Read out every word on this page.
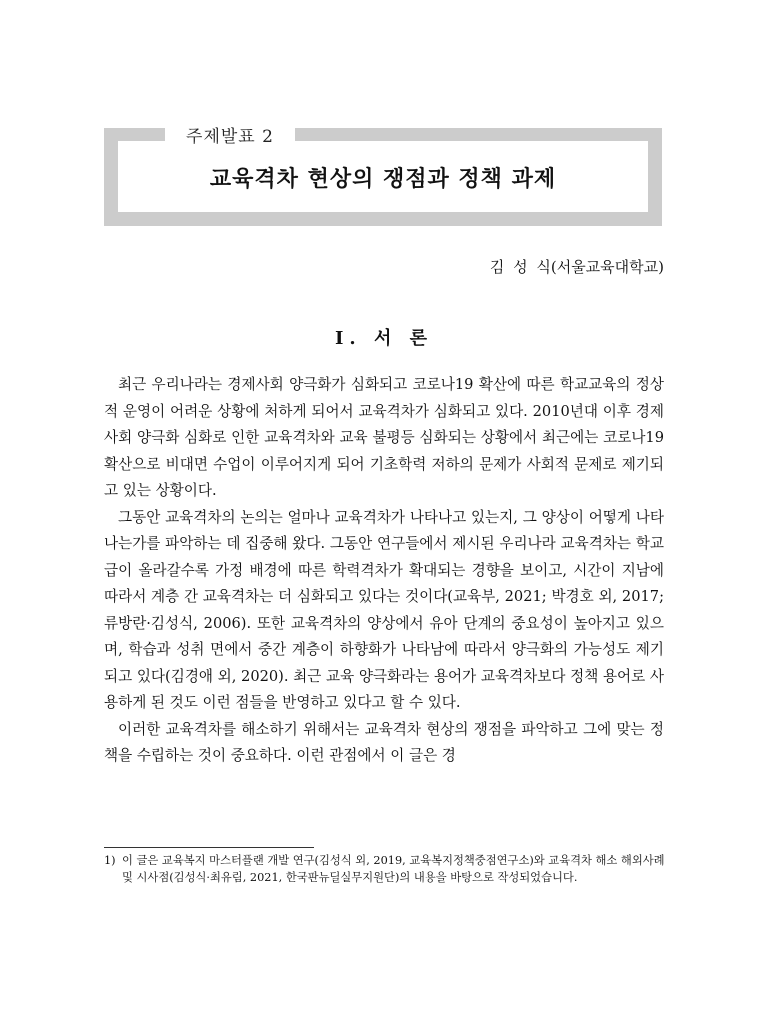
주제발표 2
교육격차 현상의 쟁점과 정책 과제
김 성 식(서울교육대학교)
Ⅰ. 서 론

최근 우리나라는 경제사회 양극화가 심화되고 코로나19 확산에 따른 학교교육의 정상적 운영이 어려운 상황에 처하게 되어서 교육격차가 심화되고 있다. 2010년대 이후 경제사회 양극화 심화로 인한 교육격차와 교육 불평등 심화되는 상황에서 최근에는 코로나19 확산으로 비대면 수업이 이루어지게 되어 기초학력 저하의 문제가 사회적 문제로 제기되고 있는 상황이다.

그동안 교육격차의 논의는 얼마나 교육격차가 나타나고 있는지, 그 양상이 어떻게 나타나는가를 파악하는 데 집중해 왔다. 그동안 연구들에서 제시된 우리나라 교육격차는 학교급이 올라갈수록 가정 배경에 따른 학력격차가 확대되는 경향을 보이고, 시간이 지남에 따라서 계층 간 교육격차는 더 심화되고 있다는 것이다(교육부, 2021; 박경호 외, 2017; 류방란·김성식, 2006). 또한 교육격차의 양상에서 유아 단계의 중요성이 높아지고 있으며, 학습과 성취 면에서 중간 계층이 하향화가 나타남에 따라서 양극화의 가능성도 제기되고 있다(김경애 외, 2020). 최근 교육 양극화라는 용어가 교육격차보다 정책 용어로 사용하게 된 것도 이런 점들을 반영하고 있다고 할 수 있다.

이러한 교육격차를 해소하기 위해서는 교육격차 현상의 쟁점을 파악하고 그에 맞는 정책을 수립하는 것이 중요하다. 이런 관점에서 이 글은 경

1) 이 글은 교육복지 마스터플랜 개발 연구(김성식 외, 2019, 교육복지정책중점연구소)와 교육격차 해소 해외사례 및 시사점(김성식·최유림, 2021, 한국판뉴딜실무지원단)의 내용을 바탕으로 작성되었습니다.
